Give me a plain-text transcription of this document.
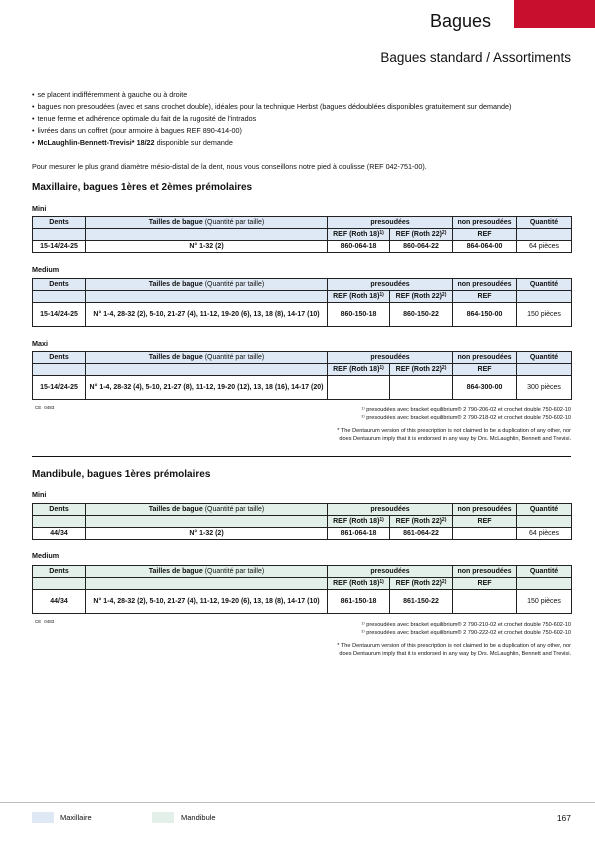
Bagues
Bagues standard / Assortiments
• se placent indifféremment à gauche ou à droite
• bagues non presoudées (avec et sans crochet double), idéales pour la technique Herbst (bagues dédoublées disponibles gratuitement sur demande)
• tenue ferme et adhérence optimale du fait de la rugosité de l'intrados
• livrées dans un coffret (pour armoire à bagues REF 890-414-00)
• McLaughlin-Bennett-Trevisi* 18/22 disponible sur demande
Pour mesurer le plus grand diamètre mésio-distal de la dent, nous vous conseillons notre pied à coulisse (REF 042-751-00).
Maxillaire, bagues 1ères et 2èmes prémolaires
Mini
Dents	Tailles de bague (Quantité par taille)	presoudées		non presoudées	Quantité
		REF (Roth 18)$^{1)}$	REF (Roth 22)$^{2)}$	REF	
15-14/24-25	N° 1-32 (2)	860-064-18	860-064-22	864-064-00	64 pièces
Medium
Dents	Tailles de bague (Quantité par taille)	presoudées		non presoudées	Quantité
		REF (Roth 18)$^{1)}$	REF (Roth 22)$^{2)}$	REF	
15-14/24-25	N° 1-4, 28-32 (2), 5-10, 21-27 (4), 11-12, 19-20 (6), 13, 18 (8), 14-17 (10)	860-150-18	860-150-22	864-150-00	150 pièces
Maxi
Dents	Tailles de bague (Quantité par taille)	presoudées		non presoudées	Quantité
		REF (Roth 18)$^{1)}$	REF (Roth 22)$^{2)}$	REF	
15-14/24-25	N° 1-4, 28-32 (4), 5-10, 21-27 (8), 11-12, 19-20 (12), 13, 18 (16), 14-17 (20)			864-300-00	300 pièces
$^{CE}$ $^{0483}$	¹⁾ presoudées avec bracket equilibrium® 2 790-206-02 et crochet double 750-602-10
²⁾ presoudées avec bracket equilibrium® 2 790-218-02 et crochet double 750-602-10
* The Dentaurum version of this prescription is not claimed to be a duplication of any other, nor
does Dentaurum imply that it is endorsed in any way by Drs. McLaughlin, Bennett and Trevisi.
Mandibule, bagues 1ères prémolaires
Mini
Dents	Tailles de bague (Quantité par taille)	presoudées		non presoudées	Quantité
		REF (Roth 18)$^{1)}$	REF (Roth 22)$^{2)}$	REF	
44/34	N° 1-32 (2)	861-064-18	861-064-22		64 pièces
Medium
Dents	Tailles de bague (Quantité par taille)	presoudées		non presoudées	Quantité
		REF (Roth 18)$^{1)}$	REF (Roth 22)$^{2)}$	REF	
44/34	N° 1-4, 28-32 (2), 5-10, 21-27 (4), 11-12, 19-20 (6), 13, 18 (8), 14-17 (10)	861-150-18	861-150-22		150 pièces
$^{CE}$ $^{0483}$
¹⁾ presoudées avec bracket equilibrium® 2 790-210-02 et crochet double 750-602-10
²⁾ presoudées avec bracket equilibrium® 2 790-222-02 et crochet double 750-602-10
* The Dentaurum version of this prescription is not claimed to be a duplication of any other, nor
does Dentaurum imply that it is endorsed in any way by Drs. McLaughlin, Bennett and Trevisi.
Maxillaire	Mandibule	167
